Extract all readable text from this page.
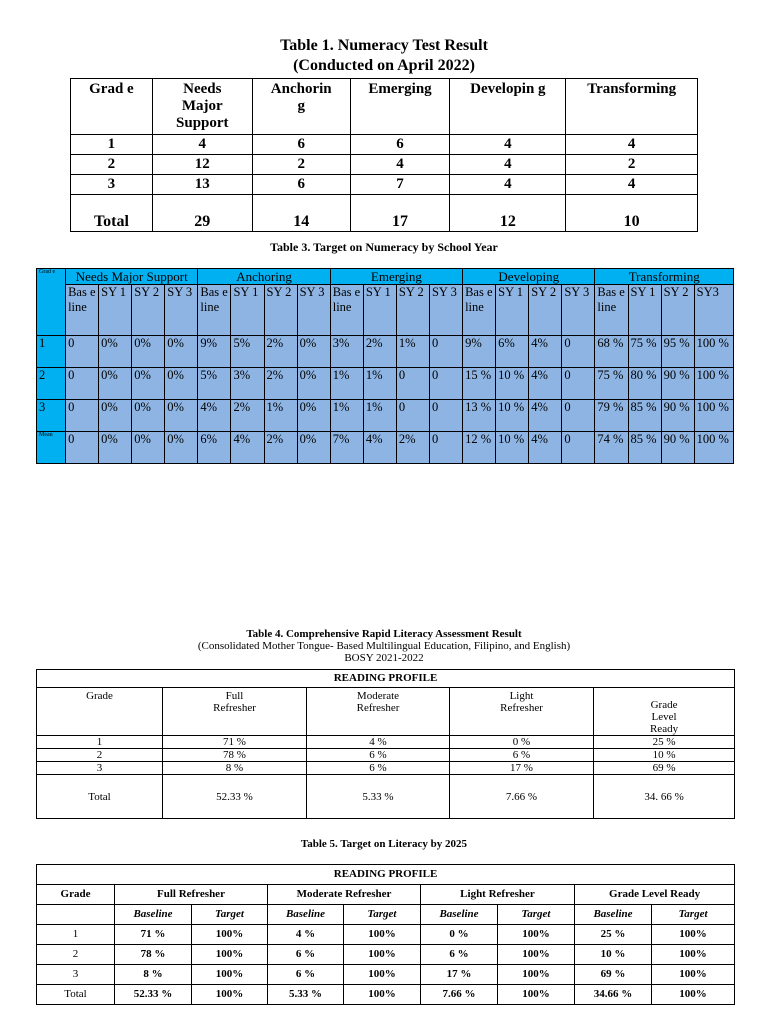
Table 1. Numeracy Test Result
(Conducted on April 2022)
Grad e	Needs Major Support	Anchorin g	Emerging	Developin g	Transforming
1	4	6	6	4	4
2	12	2	4	4	2
3	13	6	7	4	4
Total	29	14	17	12	10
Table 3. Target on Numeracy by School Year
Grad e	Needs Major Support				Anchoring				Emerging				Developing				Transforming			
	Bas e line	SY 1	SY 2	SY 3	Bas e line	SY 1	SY 2	SY 3	Bas e line	SY 1	SY 2	SY 3	Bas e line	SY 1	SY 2	SY 3	Bas e line	SY 1	SY 2	SY3
1	0	0%	0%	0%	9%	5%	2%	0%	3%	2%	1%	0	9%	6%	4%	0	68 %	75 %	95 %	100 %
2	0	0%	0%	0%	5%	3%	2%	0%	1%	1%	0	0	15 %	10 %	4%	0	75 %	80 %	90 %	100 %
3	0	0%	0%	0%	4%	2%	1%	0%	1%	1%	0	0	13 %	10 %	4%	0	79 %	85 %	90 %	100 %
Mean	0	0%	0%	0%	6%	4%	2%	0%	7%	4%	2%	0	12 %	10 %	4%	0	74 %	85 %	90 %	100 %
Table 4. Comprehensive Rapid Literacy Assessment Result
(Consolidated Mother Tongue- Based Multilingual Education, Filipino, and English)
BOSY 2021-2022
READING PROFILE				
Grade	Full Refresher	Moderate Refresher	Light Refresher	Grade Level Ready
1	71 %	4 %	0 %	25 %
2	78 %	6 %	6 %	10 %
3	8 %	6 %	17 %	69 %
Total	52.33 %	5.33 %	7.66 %	34. 66 %
Table 5. Target on Literacy by 2025
READING PROFILE								
Grade	Full Refresher		Moderate Refresher		Light Refresher		Grade Level Ready	
	Baseline	Target	Baseline	Target	Baseline	Target	Baseline	Target
1	71 %	100%	4 %	100%	0 %	100%	25 %	100%
2	78 %	100%	6 %	100%	6 %	100%	10 %	100%
3	8 %	100%	6 %	100%	17 %	100%	69 %	100%
Total	52.33 %	100%	5.33 %	100%	7.66 %	100%	34.66 %	100%
